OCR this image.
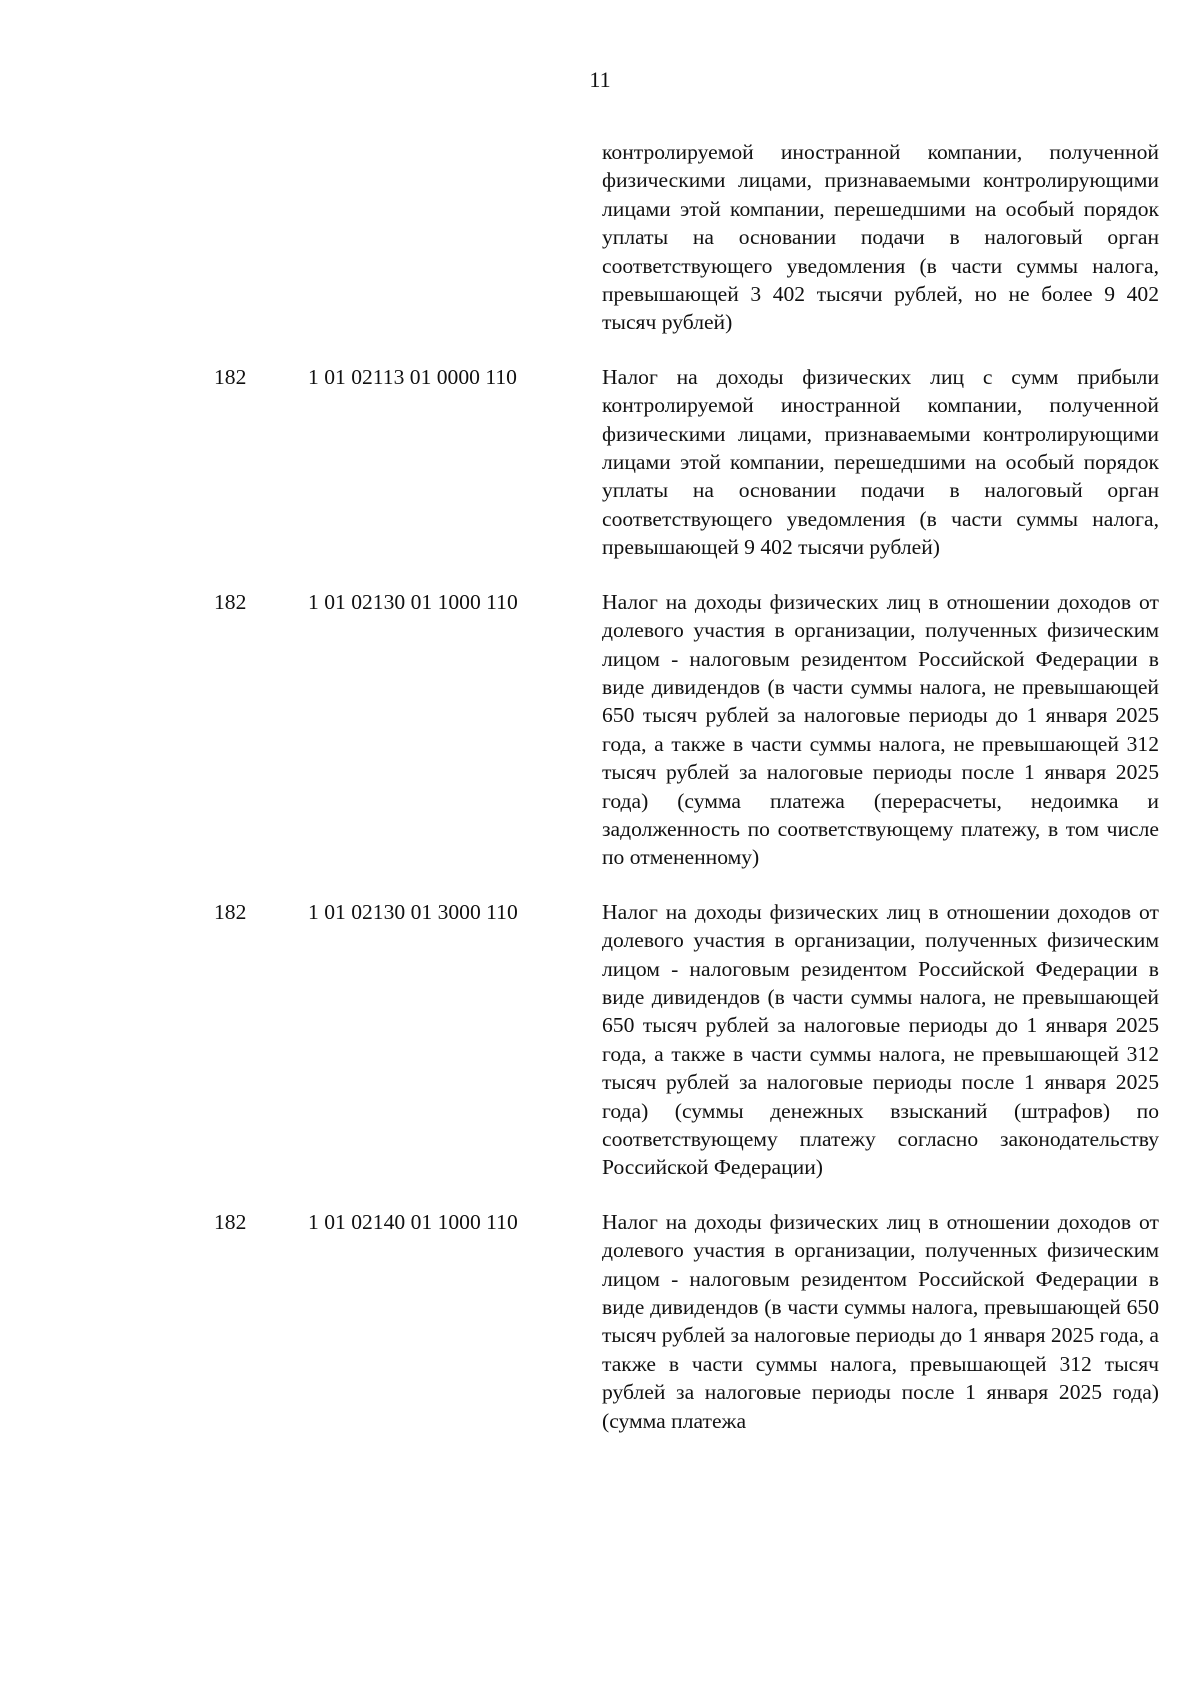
11
контролируемой иностранной компании, полученной физическими лицами, признаваемыми контролирующими лицами этой компании, перешедшими на особый порядок уплаты на основании подачи в налоговый орган соответствующего уведомления (в части суммы налога, превышающей 3 402 тысячи рублей, но не более 9 402 тысяч рублей)
182	1 01 02113 01 0000 110	Налог на доходы физических лиц с сумм прибыли контролируемой иностранной компании, полученной физическими лицами, признаваемыми контролирующими лицами этой компании, перешедшими на особый порядок уплаты на основании подачи в налоговый орган соответствующего уведомления (в части суммы налога, превышающей 9 402 тысячи рублей)
182	1 01 02130 01 1000 110	Налог на доходы физических лиц в отношении доходов от долевого участия в организации, полученных физическим лицом - налоговым резидентом Российской Федерации в виде дивидендов (в части суммы налога, не превышающей 650 тысяч рублей за налоговые периоды до 1 января 2025 года, а также в части суммы налога, не превышающей 312 тысяч рублей за налоговые периоды после 1 января 2025 года) (сумма платежа (перерасчеты, недоимка и задолженность по соответствующему платежу, в том числе по отмененному)
182	1 01 02130 01 3000 110	Налог на доходы физических лиц в отношении доходов от долевого участия в организации, полученных физическим лицом - налоговым резидентом Российской Федерации в виде дивидендов (в части суммы налога, не превышающей 650 тысяч рублей за налоговые периоды до 1 января 2025 года, а также в части суммы налога, не превышающей 312 тысяч рублей за налоговые периоды после 1 января 2025 года) (суммы денежных взысканий (штрафов) по соответствующему платежу согласно законодательству Российской Федерации)
182	1 01 02140 01 1000 110	Налог на доходы физических лиц в отношении доходов от долевого участия в организации, полученных физическим лицом - налоговым резидентом Российской Федерации в виде дивидендов (в части суммы налога, превышающей 650 тысяч рублей за налоговые периоды до 1 января 2025 года, а также в части суммы налога, превышающей 312 тысяч рублей за налоговые периоды после 1 января 2025 года) (сумма платежа
